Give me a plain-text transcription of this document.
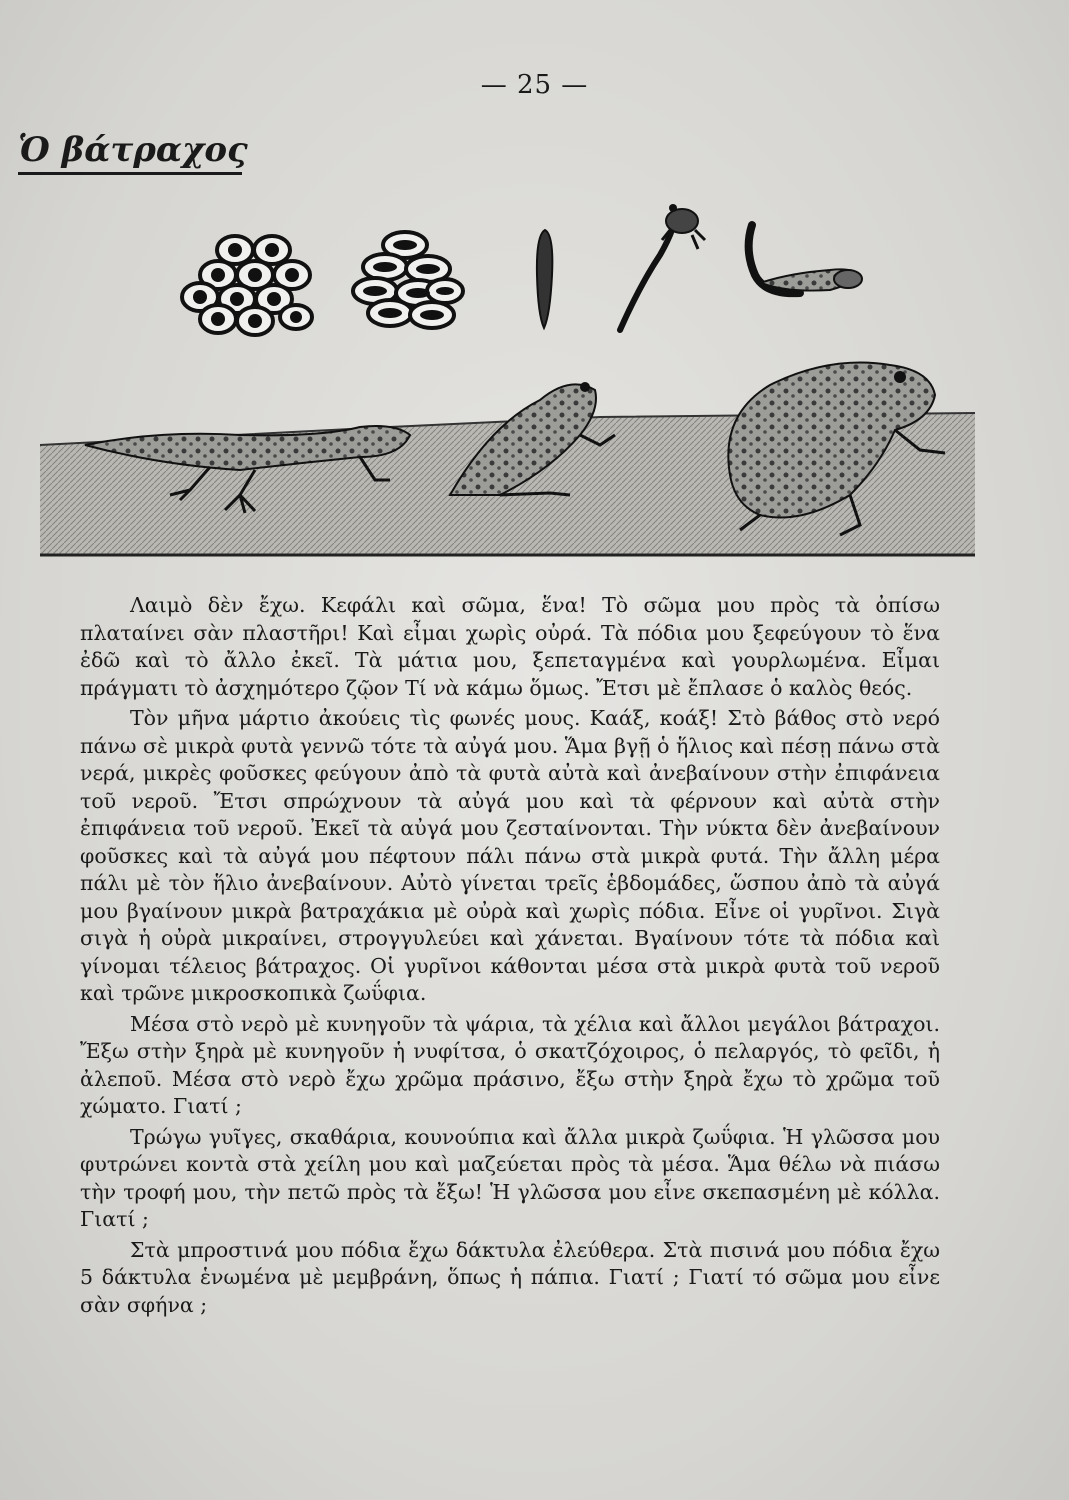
— 25 —
Ὁ βάτραχος

Λαιμὸ δὲν ἔχω. Κεφάλι καὶ σῶμα, ἕνα! Τὸ σῶμα μου πρὸς τὰ ὀπίσω πλαταίνει σὰν πλαστῆρι! Καὶ εἶμαι χωρὶς οὐρά. Τὰ πόδια μου ξεφεύγουν τὸ ἕνα ἐδῶ καὶ τὸ ἄλλο ἐκεῖ. Τὰ μάτια μου, ξεπεταγμένα καὶ γουρλωμένα. Εἶμαι πράγματι τὸ ἀσχημότερο ζῷον Τί νὰ κάμω ὅμως. Ἔτσι μὲ ἔπλασε ὁ καλὸς θεός.

Τὸν μῆνα μάρτιο ἀκούεις τὶς φωνές μους. Καάξ, κοάξ! Στὸ βάθος στὸ νερό πάνω σὲ μικρὰ φυτὰ γεννῶ τότε τὰ αὐγά μου. Ἅμα βγῇ ὁ ἥλιος καὶ πέσῃ πάνω στὰ νερά, μικρὲς φοῦσκες φεύγουν ἀπὸ τὰ φυτὰ αὐτὰ καὶ ἀνεβαίνουν στὴν ἐπιφάνεια τοῦ νεροῦ. Ἔτσι σπρώχνουν τὰ αὐγά μου καὶ τὰ φέρνουν καὶ αὐτὰ στὴν ἐπιφάνεια τοῦ νεροῦ. Ἐκεῖ τὰ αὐγά μου ζεσταίνονται. Τὴν νύκτα δὲν ἀνεβαίνουν φοῦσκες καὶ τὰ αὐγά μου πέφτουν πάλι πάνω στὰ μικρὰ φυτά. Τὴν ἄλλη μέρα πάλι μὲ τὸν ἥλιο ἀνεβαίνουν. Αὐτὸ γίνεται τρεῖς ἑβδομάδες, ὥσπου ἀπὸ τὰ αὐγά μου βγαίνουν μικρὰ βατραχάκια μὲ οὐρὰ καὶ χωρὶς πόδια. Εἶνε οἱ γυρῖνοι. Σιγὰ σιγὰ ἡ οὐρὰ μικραίνει, στρογγυλεύει καὶ χάνεται. Βγαίνουν τότε τὰ πόδια καὶ γίνομαι τέλειος βάτραχος. Οἱ γυρῖνοι κάθονται μέσα στὰ μικρὰ φυτὰ τοῦ νεροῦ καὶ τρῶνε μικροσκοπικὰ ζωΰφια.

Μέσα στὸ νερὸ μὲ κυνηγοῦν τὰ ψάρια, τὰ χέλια καὶ ἄλλοι μεγάλοι βάτραχοι. Ἔξω στὴν ξηρὰ μὲ κυνηγοῦν ἡ νυφίτσα, ὁ σκατζόχοιρος, ὁ πελαργός, τὸ φεῖδι, ἡ ἀλεποῦ. Μέσα στὸ νερὸ ἔχω χρῶμα πράσινο, ἔξω στὴν ξηρὰ ἔχω τὸ χρῶμα τοῦ χώματο. Γιατί ;

Τρώγω γυῖγες, σκαθάρια, κουνούπια καὶ ἄλλα μικρὰ ζωΰφια. Ἡ γλῶσσα μου φυτρώνει κοντὰ στὰ χείλη μου καὶ μαζεύεται πρὸς τὰ μέσα. Ἅμα θέλω νὰ πιάσω τὴν τροφή μου, τὴν πετῶ πρὸς τὰ ἔξω! Ἡ γλῶσσα μου εἶνε σκεπασμένη μὲ κόλλα. Γιατί ;

Στὰ μπροστινά μου πόδια ἔχω δάκτυλα ἐλεύθερα. Στὰ πισινά μου πόδια ἔχω 5 δάκτυλα ἑνωμένα μὲ μεμβράνη, ὅπως ἡ πάπια. Γιατί ; Γιατί τό σῶμα μου εἶνε σὰν σφήνα ;
